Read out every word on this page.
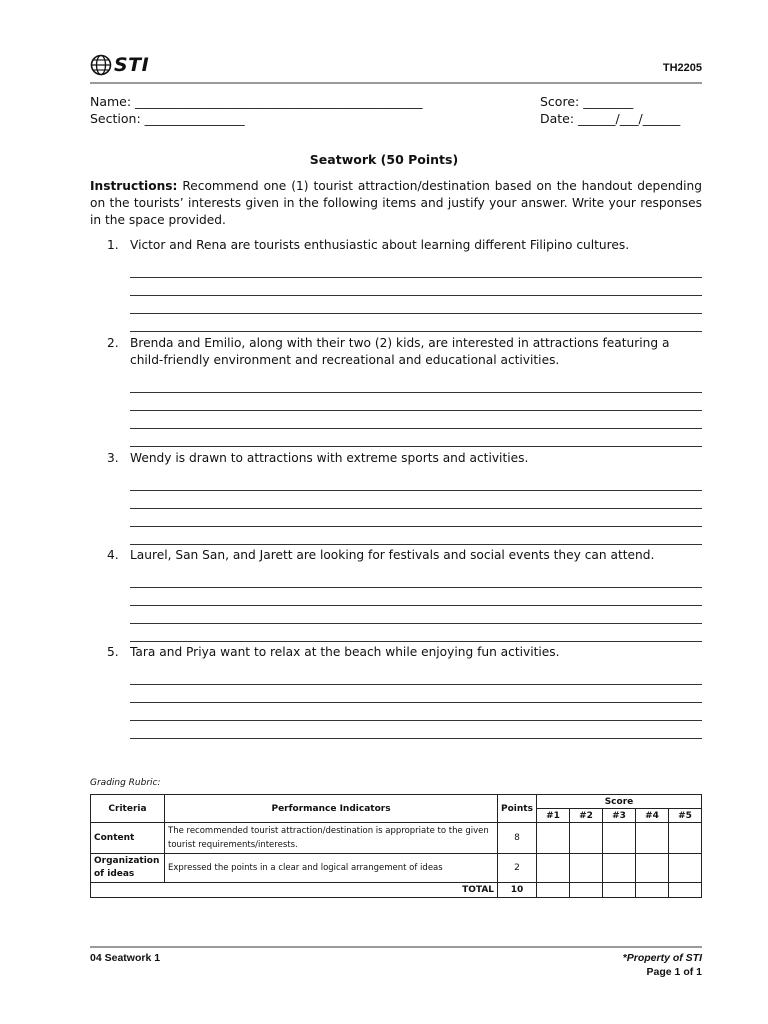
STI	TH2205
Name: ______________________________________________	Score: ________
Section: ________________	Date: ______/___/______
Seatwork (50 Points)
Instructions: Recommend one (1) tourist attraction/destination based on the handout depending on the tourists’ interests given in the following items and justify your answer. Write your responses in the space provided.
1. Victor and Rena are tourists enthusiastic about learning different Filipino cultures.
2. Brenda and Emilio, along with their two (2) kids, are interested in attractions featuring a child-friendly environment and recreational and educational activities.
3. Wendy is drawn to attractions with extreme sports and activities.
4. Laurel, San San, and Jarett are looking for festivals and social events they can attend.
5. Tara and Priya want to relax at the beach while enjoying fun activities.
Grading Rubric:
Criteria	Performance Indicators	Points	Score				
			#1	#2	#3	#4	#5
Content	The recommended tourist attraction/destination is appropriate to the given tourist requirements/interests.	8					
Organization of ideas	Expressed the points in a clear and logical arrangement of ideas	2					
TOTAL		10					
04 Seatwork 1	*Property of STI
Page 1 of 1
